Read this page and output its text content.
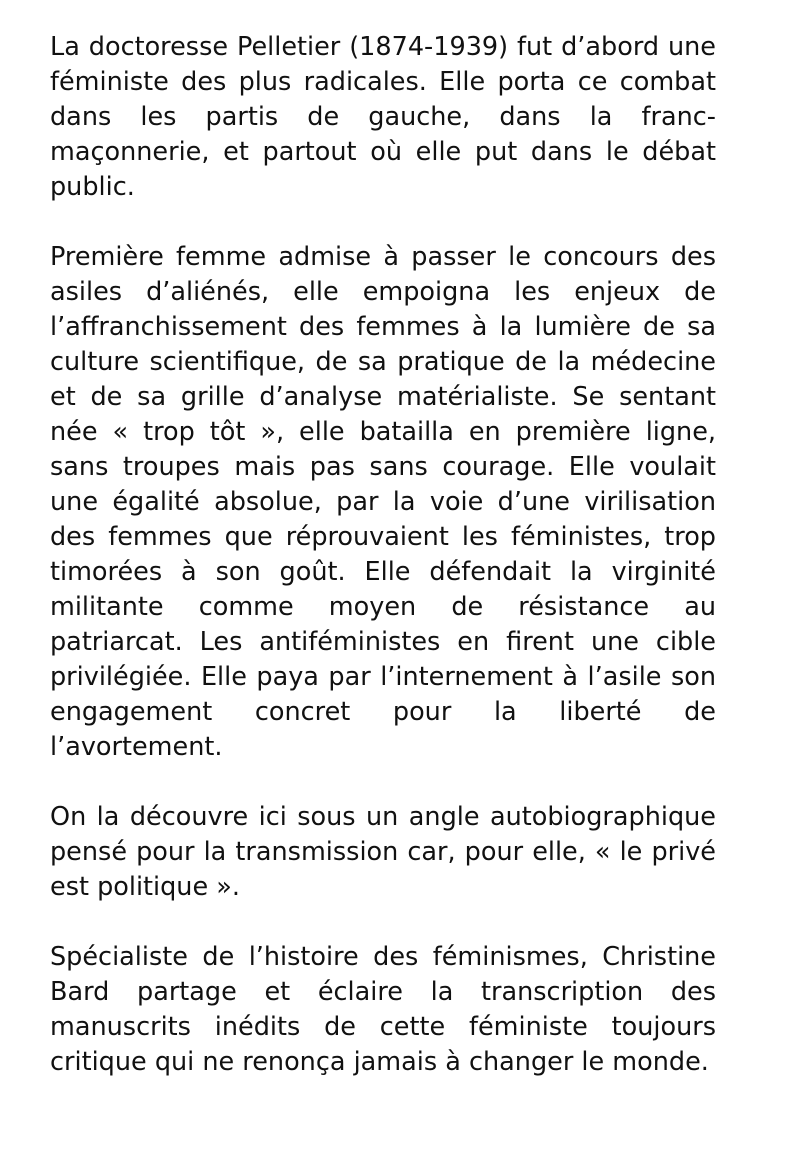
La doctoresse Pelletier (1874-1939) fut d’abord une féministe des plus radicales. Elle porta ce combat dans les partis de gauche, dans la franc-maçonnerie, et partout où elle put dans le débat public.

Première femme admise à passer le concours des asiles d’aliénés, elle empoigna les enjeux de l’affranchissement des femmes à la lumière de sa culture scientifique, de sa pratique de la médecine et de sa grille d’analyse matérialiste. Se sentant née « trop tôt », elle batailla en première ligne, sans troupes mais pas sans courage. Elle voulait une égalité absolue, par la voie d’une virilisation des femmes que réprouvaient les féministes, trop timorées à son goût. Elle défendait la virginité militante comme moyen de résistance au patriarcat. Les antiféministes en firent une cible privilégiée. Elle paya par l’internement à l’asile son engagement concret pour la liberté de l’avortement.

On la découvre ici sous un angle autobiographique pensé pour la transmission car, pour elle, « le privé est politique ».

Spécialiste de l’histoire des féminismes, Christine Bard partage et éclaire la transcription des manuscrits inédits de cette féministe toujours critique qui ne renonça jamais à changer le monde.
